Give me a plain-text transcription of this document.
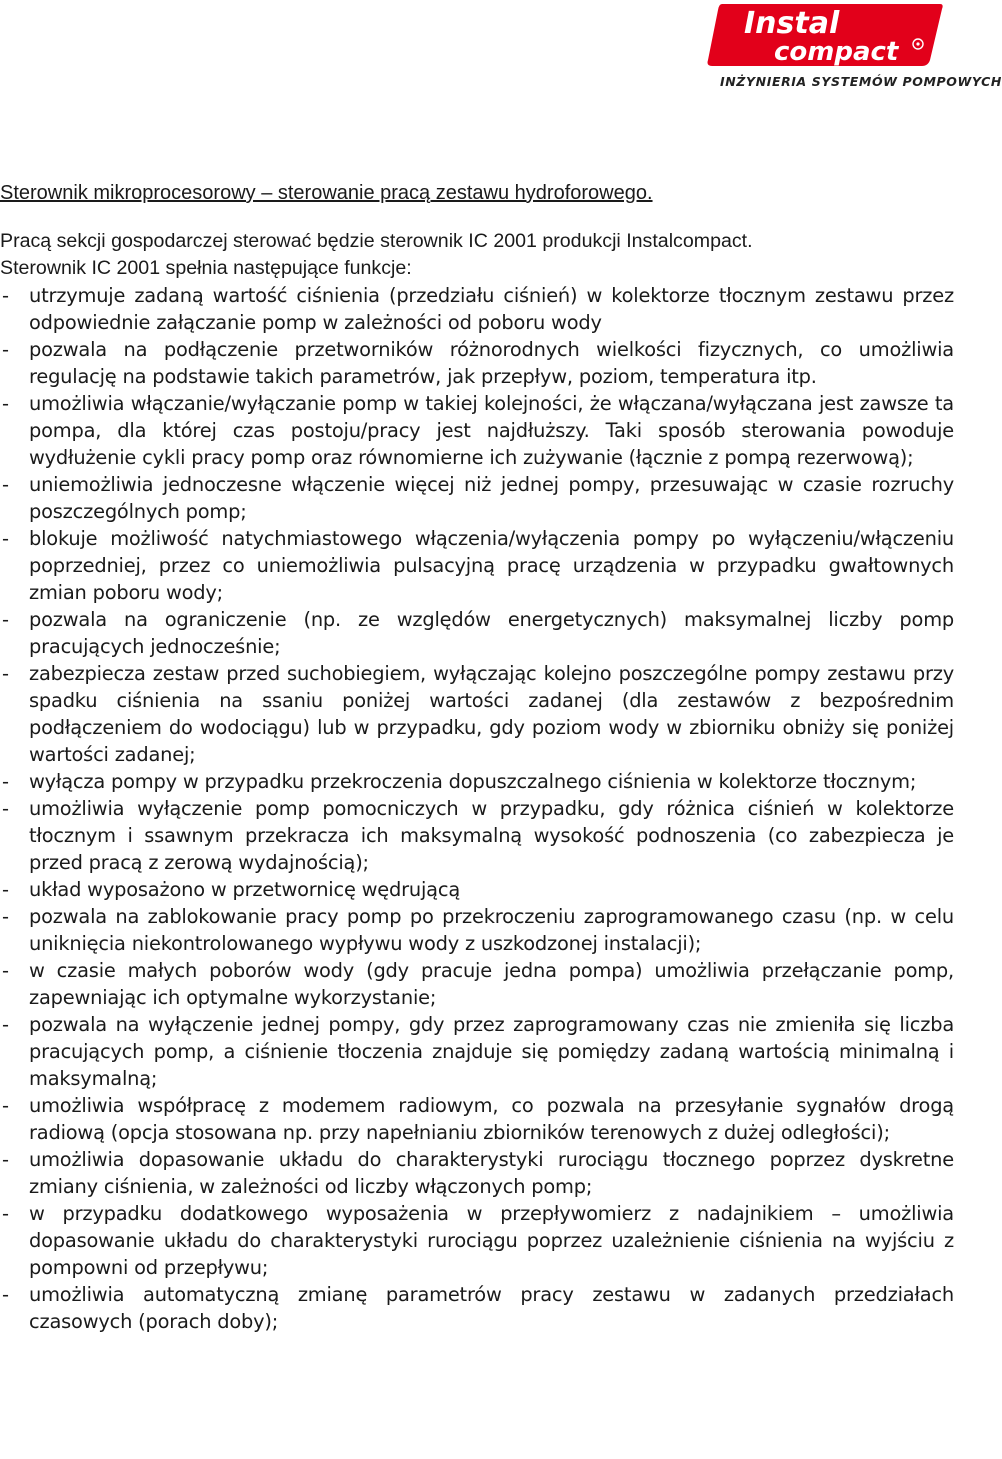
Instal
compact
INŻYNIERIA SYSTEMÓW POMPOWYCH
Sterownik mikroprocesorowy – sterowanie pracą zestawu hydroforowego.

Pracą sekcji gospodarczej sterować będzie sterownik IC 2001 produkcji Instalcompact.

Sterownik IC 2001 spełnia następujące funkcje:

- utrzymuje zadaną wartość ciśnienia (przedziału ciśnień) w kolektorze tłocznym zestawu przez odpowiednie załączanie pomp w zależności od poboru wody
- pozwala na podłączenie przetworników różnorodnych wielkości fizycznych, co umożliwia regulację na podstawie takich parametrów, jak przepływ, poziom, temperatura itp.
- umożliwia włączanie/wyłączanie pomp w takiej kolejności, że włączana/wyłączana jest zawsze ta pompa, dla której czas postoju/pracy jest najdłuższy. Taki sposób sterowania powoduje wydłużenie cykli pracy pomp oraz równomierne ich zużywanie (łącznie z pompą rezerwową);
- uniemożliwia jednoczesne włączenie więcej niż jednej pompy, przesuwając w czasie rozruchy poszczególnych pomp;
- blokuje możliwość natychmiastowego włączenia/wyłączenia pompy po wyłączeniu/włączeniu poprzedniej, przez co uniemożliwia pulsacyjną pracę urządzenia w przypadku gwałtownych zmian poboru wody;
- pozwala na ograniczenie (np. ze względów energetycznych) maksymalnej liczby pomp pracujących jednocześnie;
- zabezpiecza zestaw przed suchobiegiem, wyłączając kolejno poszczególne pompy zestawu przy spadku ciśnienia na ssaniu poniżej wartości zadanej (dla zestawów z bezpośrednim podłączeniem do wodociągu) lub w przypadku, gdy poziom wody w zbiorniku obniży się poniżej wartości zadanej;
- wyłącza pompy w przypadku przekroczenia dopuszczalnego ciśnienia w kolektorze tłocznym;
- umożliwia wyłączenie pomp pomocniczych w przypadku, gdy różnica ciśnień w kolektorze tłocznym i ssawnym przekracza ich maksymalną wysokość podnoszenia (co zabezpiecza je przed pracą z zerową wydajnością);
- układ wyposażono w przetwornicę wędrującą
- pozwala na zablokowanie pracy pomp po przekroczeniu zaprogramowanego czasu (np. w celu uniknięcia niekontrolowanego wypływu wody z uszkodzonej instalacji);
- w czasie małych poborów wody (gdy pracuje jedna pompa) umożliwia przełączanie pomp, zapewniając ich optymalne wykorzystanie;
- pozwala na wyłączenie jednej pompy, gdy przez zaprogramowany czas nie zmieniła się liczba pracujących pomp, a ciśnienie tłoczenia znajduje się pomiędzy zadaną wartością minimalną i maksymalną;
- umożliwia współpracę z modemem radiowym, co pozwala na przesyłanie sygnałów drogą radiową (opcja stosowana np. przy napełnianiu zbiorników terenowych z dużej odległości);
- umożliwia dopasowanie układu do charakterystyki rurociągu tłocznego poprzez dyskretne zmiany ciśnienia, w zależności od liczby włączonych pomp;
- w przypadku dodatkowego wyposażenia w przepływomierz z nadajnikiem – umożliwia dopasowanie układu do charakterystyki rurociągu poprzez uzależnienie ciśnienia na wyjściu z pompowni od przepływu;
- umożliwia automatyczną zmianę parametrów pracy zestawu w zadanych przedziałach czasowych (porach doby);
